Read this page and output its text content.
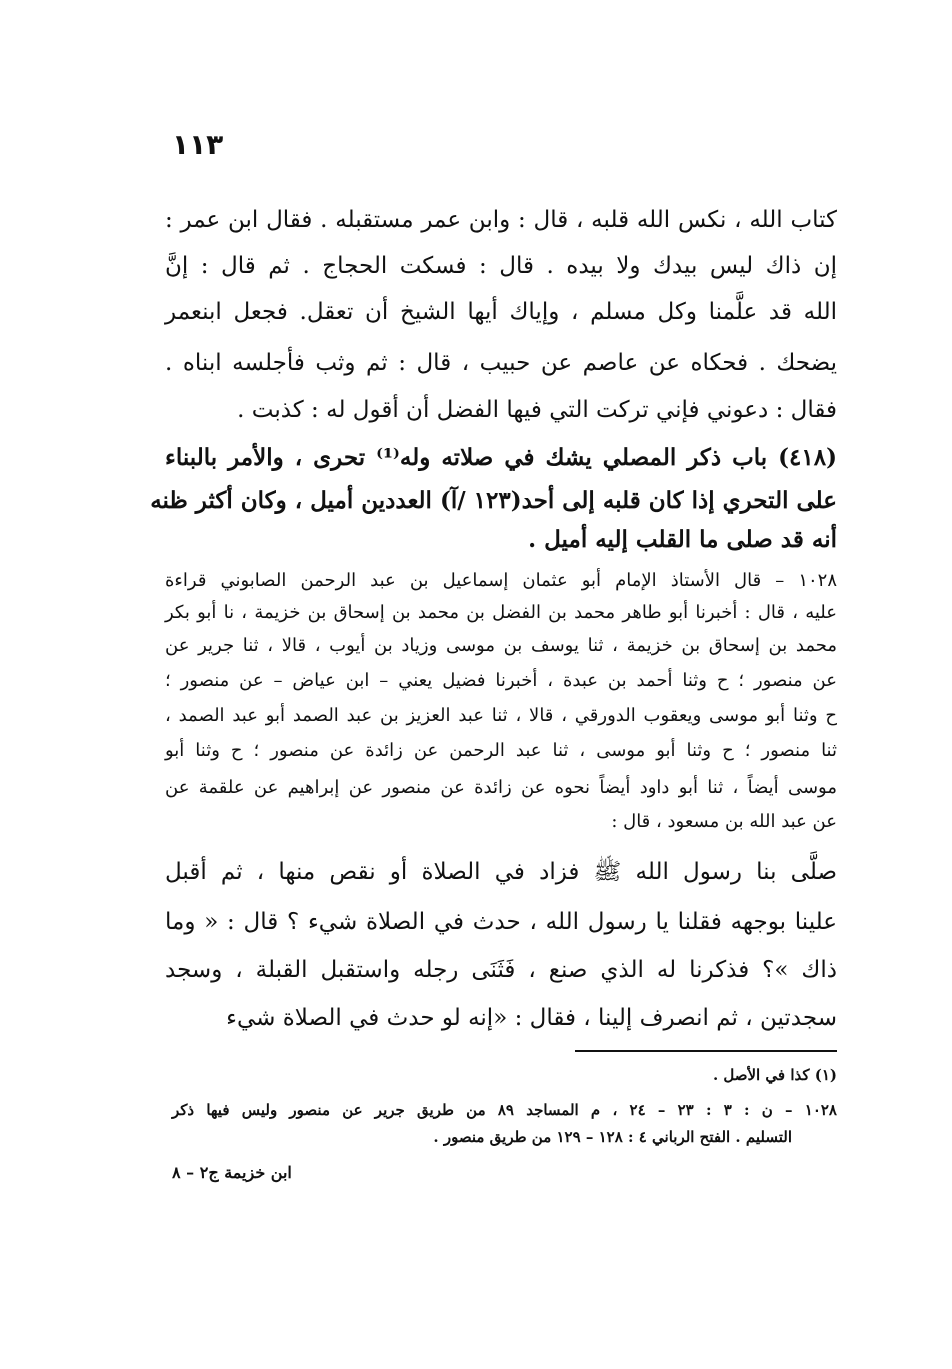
١١٣
كتاب الله ، نكس الله قلبه ، قال : وابن عمر مستقبله . فقال ابن عمر :
إن ذاك ليس بيدك ولا بيده . قال : فسكت الحجاج . ثم قال : إنَّ
الله قد علَّمنا وكل مسلم ، وإياك أيها الشيخ أن تعقل. فجعل ابنعمر
يضحك . فحكاه عن عاصم عن حبيب ، قال : ثم وثب فأجلسه ابناه .
فقال : دعوني فإني تركت التي فيها الفضل أن أقول له : كذبت .
(٤١٨) باب ذكر المصلي يشك في صلاته وله⁽¹⁾ تحرى ، والأمر بالبناء
على التحري إذا كان قلبه إلى أحد(١٢٣ /آ) العددين أميل ، وكان أكثر ظنه
أنه قد صلى ما القلب إليه أميل .
١٠٢٨ – قال الأستاذ الإمام أبو عثمان إسماعيل بن عبد الرحمن الصابوني قراءة
عليه ، قال : أخبرنا أبو طاهر محمد بن الفضل بن محمد بن إسحاق بن خزيمة ، نا أبو بكر
محمد بن إسحاق بن خزيمة ، ثنا يوسف بن موسى وزياد بن أيوب ، قالا ، ثنا جرير عن
عن منصور ؛ ح وثنا أحمد بن عبدة ، أخبرنا فضيل يعني – ابن عياض – عن منصور ؛
ح وثنا أبو موسى ويعقوب الدورقي ، قالا ، ثنا عبد العزيز بن عبد الصمد أبو عبد الصمد ،
ثنا منصور ؛ ح وثنا أبو موسى ، ثنا عبد الرحمن عن زائدة عن منصور ؛ ح وثنا أبو
موسى أيضاً ، ثنا أبو داود أيضاً نحوه عن زائدة عن منصور عن إبراهيم عن علقمة عن
عن عبد الله بن مسعود ، قال :
صلَّى بنا رسول الله ﷺ فزاد في الصلاة أو نقص منها ، ثم أقبل
علينا بوجهه فقلنا يا رسول الله ، حدث في الصلاة شيء ؟ قال : « وما
ذاك »؟ فذكرنا له الذي صنع ، فَثَنَى رجله واستقبل القبلة ، وسجد
سجدتين ، ثم انصرف إلينا ، فقال : «إنه لو حدث في الصلاة شيء
(١) كذا في الأصل .
١٠٢٨ – ن : ٣ : ٢٣ – ٢٤ ، م المساجد ٨٩ من طريق جرير عن منصور وليس فيها ذكر
التسليم . الفتح الرباني ٤ : ١٢٨ – ١٢٩ من طريق منصور .
ابن خزيمة ج٢ – ٨
